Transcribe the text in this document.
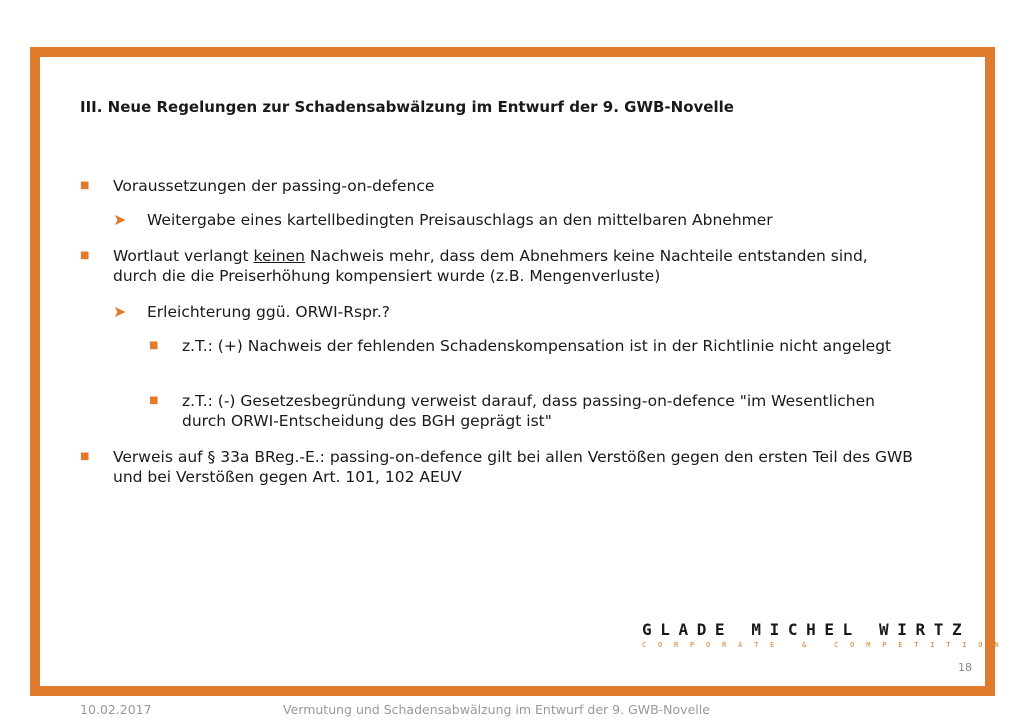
III. Neue Regelungen zur Schadensabwälzung im Entwurf der 9. GWB-Novelle
■ Voraussetzungen der passing-on-defence
➤ Weitergabe eines kartellbedingten Preisauschlags an den mittelbaren Abnehmer
■ Wortlaut verlangt keinen Nachweis mehr, dass dem Abnehmers keine Nachteile entstanden sind, durch die die Preiserhöhung kompensiert wurde (z.B. Mengenverluste)
➤ Erleichterung ggü. ORWI-Rspr.?
■ z.T.: (+) Nachweis der fehlenden Schadenskompensation ist in der Richtlinie nicht angelegt
■ z.T.: (-) Gesetzesbegründung verweist darauf, dass passing-on-defence "im Wesentlichen durch ORWI-Entscheidung des BGH geprägt ist"
■ Verweis auf § 33a BReg.-E.: passing-on-defence gilt bei allen Verstößen gegen den ersten Teil des GWB und bei Verstößen gegen Art. 101, 102 AEUV
GLADE MICHEL WIRTZ
CORPORATE & COMPETITION
18
10.02.2017	Vermutung und Schadensabwälzung im Entwurf der 9. GWB-Novelle
